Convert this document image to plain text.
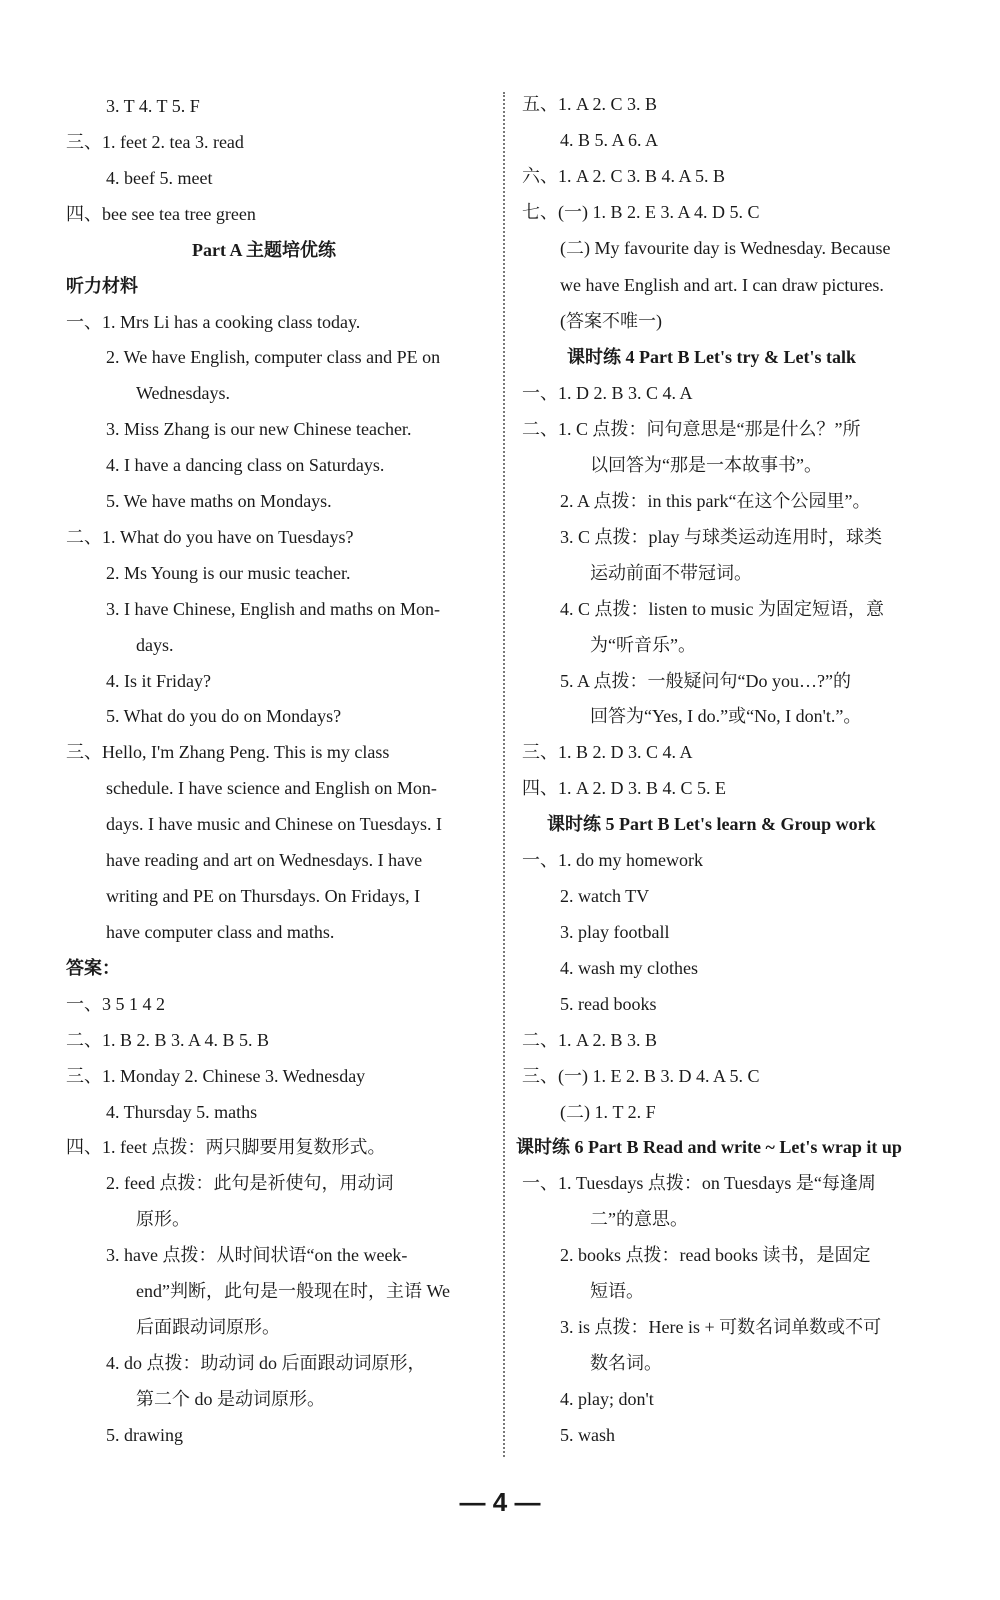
3. T 4. T 5. F
三、1. feet 2. tea 3. read
4. beef 5. meet
四、bee see tea tree green
Part A 主题培优练
听力材料
一、1. Mrs Li has a cooking class today.
2. We have English, computer class and PE on
Wednesdays.
3. Miss Zhang is our new Chinese teacher.
4. I have a dancing class on Saturdays.
5. We have maths on Mondays.
二、1. What do you have on Tuesdays?
2. Ms Young is our music teacher.
3. I have Chinese, English and maths on Mon-
days.
4. Is it Friday?
5. What do you do on Mondays?
三、Hello, I'm Zhang Peng. This is my class
schedule. I have science and English on Mon-
days. I have music and Chinese on Tuesdays. I
have reading and art on Wednesdays. I have
writing and PE on Thursdays. On Fridays, I
have computer class and maths.
答案：
一、3 5 1 4 2
二、1. B 2. B 3. A 4. B 5. B
三、1. Monday 2. Chinese 3. Wednesday
4. Thursday 5. maths
四、1. feet 点拨：两只脚要用复数形式。
2. feed 点拨：此句是祈使句，用动词
原形。
3. have 点拨：从时间状语“on the week-
end”判断，此句是一般现在时，主语 We
后面跟动词原形。
4. do 点拨：助动词 do 后面跟动词原形，
第二个 do 是动词原形。
5. drawing
五、1. A 2. C 3. B
4. B 5. A 6. A
六、1. A 2. C 3. B 4. A 5. B
七、(一) 1. B 2. E 3. A 4. D 5. C
(二) My favourite day is Wednesday. Because
we have English and art. I can draw pictures.
(答案不唯一)
课时练 4 Part B Let's try & Let's talk
一、1. D 2. B 3. C 4. A
二、1. C 点拨：问句意思是“那是什么？”所
以回答为“那是一本故事书”。
2. A 点拨：in this park“在这个公园里”。
3. C 点拨：play 与球类运动连用时，球类
运动前面不带冠词。
4. C 点拨：listen to music 为固定短语，意
为“听音乐”。
5. A 点拨：一般疑问句“Do you…?”的
回答为“Yes, I do.”或“No, I don't.”。
三、1. B 2. D 3. C 4. A
四、1. A 2. D 3. B 4. C 5. E
课时练 5 Part B Let's learn & Group work
一、1. do my homework
2. watch TV
3. play football
4. wash my clothes
5. read books
二、1. A 2. B 3. B
三、(一) 1. E 2. B 3. D 4. A 5. C
(二) 1. T 2. F
课时练 6 Part B Read and write ~ Let's wrap it up
一、1. Tuesdays 点拨：on Tuesdays 是“每逢周
二”的意思。
2. books 点拨：read books 读书，是固定
短语。
3. is 点拨：Here is + 可数名词单数或不可
数名词。
4. play; don't
5. wash
— 4 —
